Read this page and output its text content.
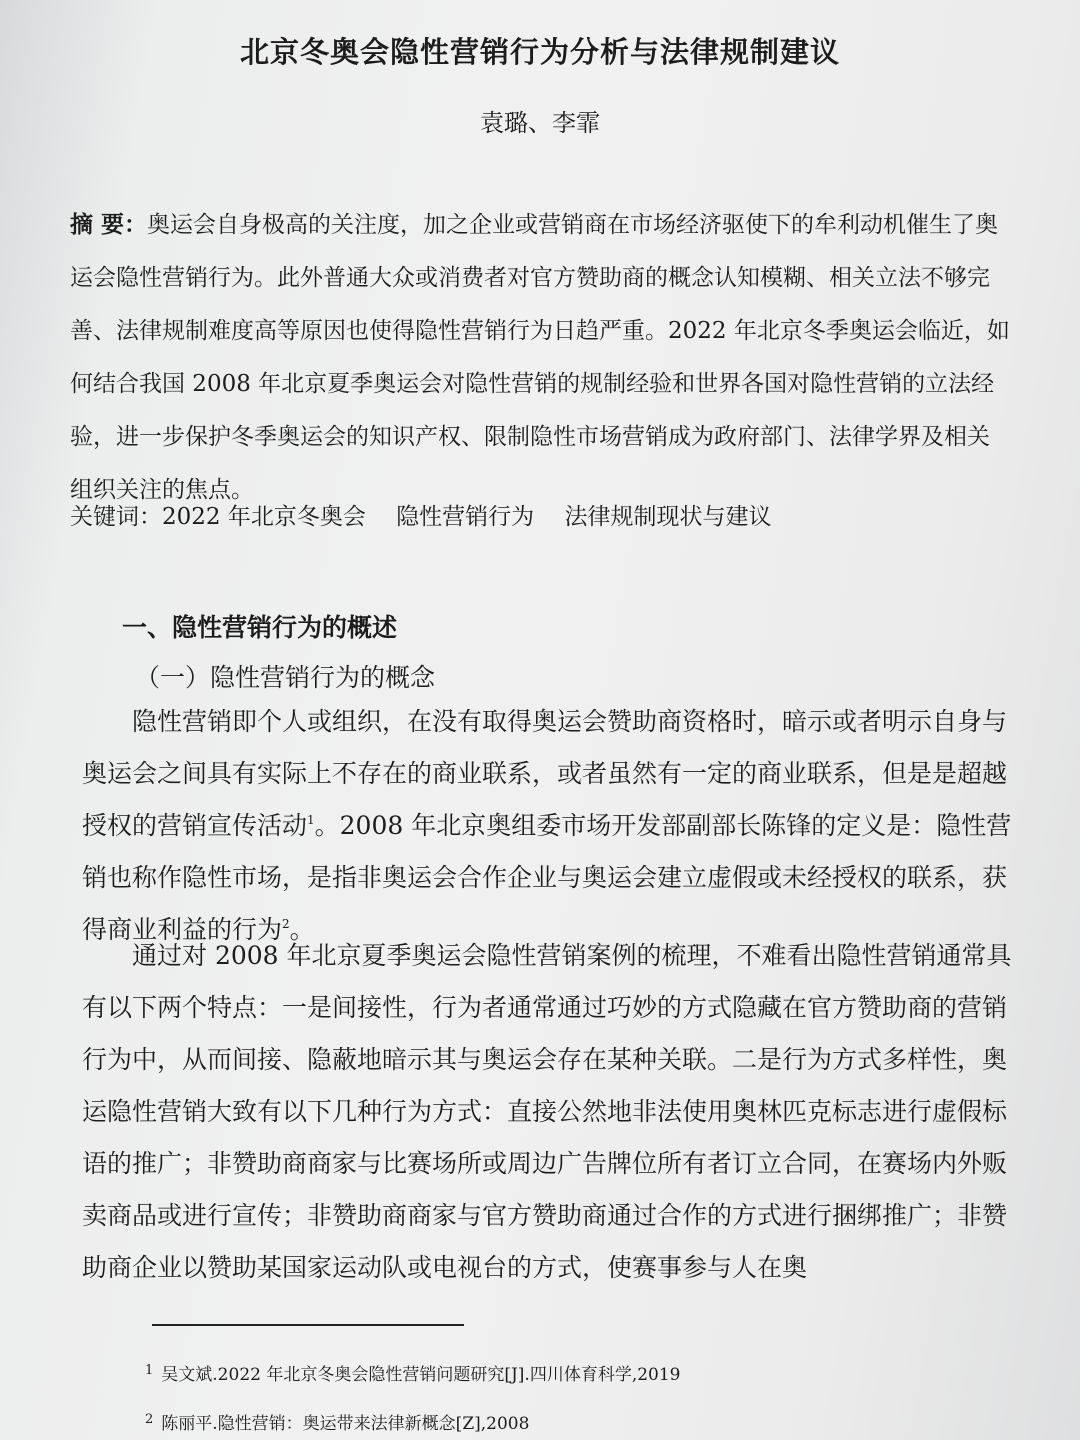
北京冬奥会隐性营销行为分析与法律规制建议
袁璐、李霏

摘 要：奥运会自身极高的关注度，加之企业或营销商在市场经济驱使下的牟利动机催生了奥运会隐性营销行为。此外普通大众或消费者对官方赞助商的概念认知模糊、相关立法不够完善、法律规制难度高等原因也使得隐性营销行为日趋严重。2022 年北京冬季奥运会临近，如何结合我国 2008 年北京夏季奥运会对隐性营销的规制经验和世界各国对隐性营销的立法经验，进一步保护冬季奥运会的知识产权、限制隐性市场营销成为政府部门、法律学界及相关组织关注的焦点。

关键词：2022 年北京冬奥会　 隐性营销行为　 法律规制现状与建议
一、隐性营销行为的概述
（一）隐性营销行为的概念

隐性营销即个人或组织，在没有取得奥运会赞助商资格时，暗示或者明示自身与奥运会之间具有实际上不存在的商业联系，或者虽然有一定的商业联系，但是是超越授权的营销宣传活动$^1$。2008 年北京奥组委市场开发部副部长陈锋的定义是：隐性营销也称作隐性市场，是指非奥运会合作企业与奥运会建立虚假或未经授权的联系，获得商业利益的行为$^2$。

通过对 2008 年北京夏季奥运会隐性营销案例的梳理，不难看出隐性营销通常具有以下两个特点：一是间接性，行为者通常通过巧妙的方式隐藏在官方赞助商的营销行为中，从而间接、隐蔽地暗示其与奥运会存在某种关联。二是行为方式多样性，奥运隐性营销大致有以下几种行为方式：直接公然地非法使用奥林匹克标志进行虚假标语的推广；非赞助商商家与比赛场所或周边广告牌位所有者订立合同，在赛场内外贩卖商品或进行宣传；非赞助商商家与官方赞助商通过合作的方式进行捆绑推广；非赞助商企业以赞助某国家运动队或电视台的方式，使赛事参与人在奥

$^1$ 吴文斌.2022 年北京冬奥会隐性营销问题研究[J].四川体育科学,2019
$^2$ 陈丽平.隐性营销：奥运带来法律新概念[Z],2008
